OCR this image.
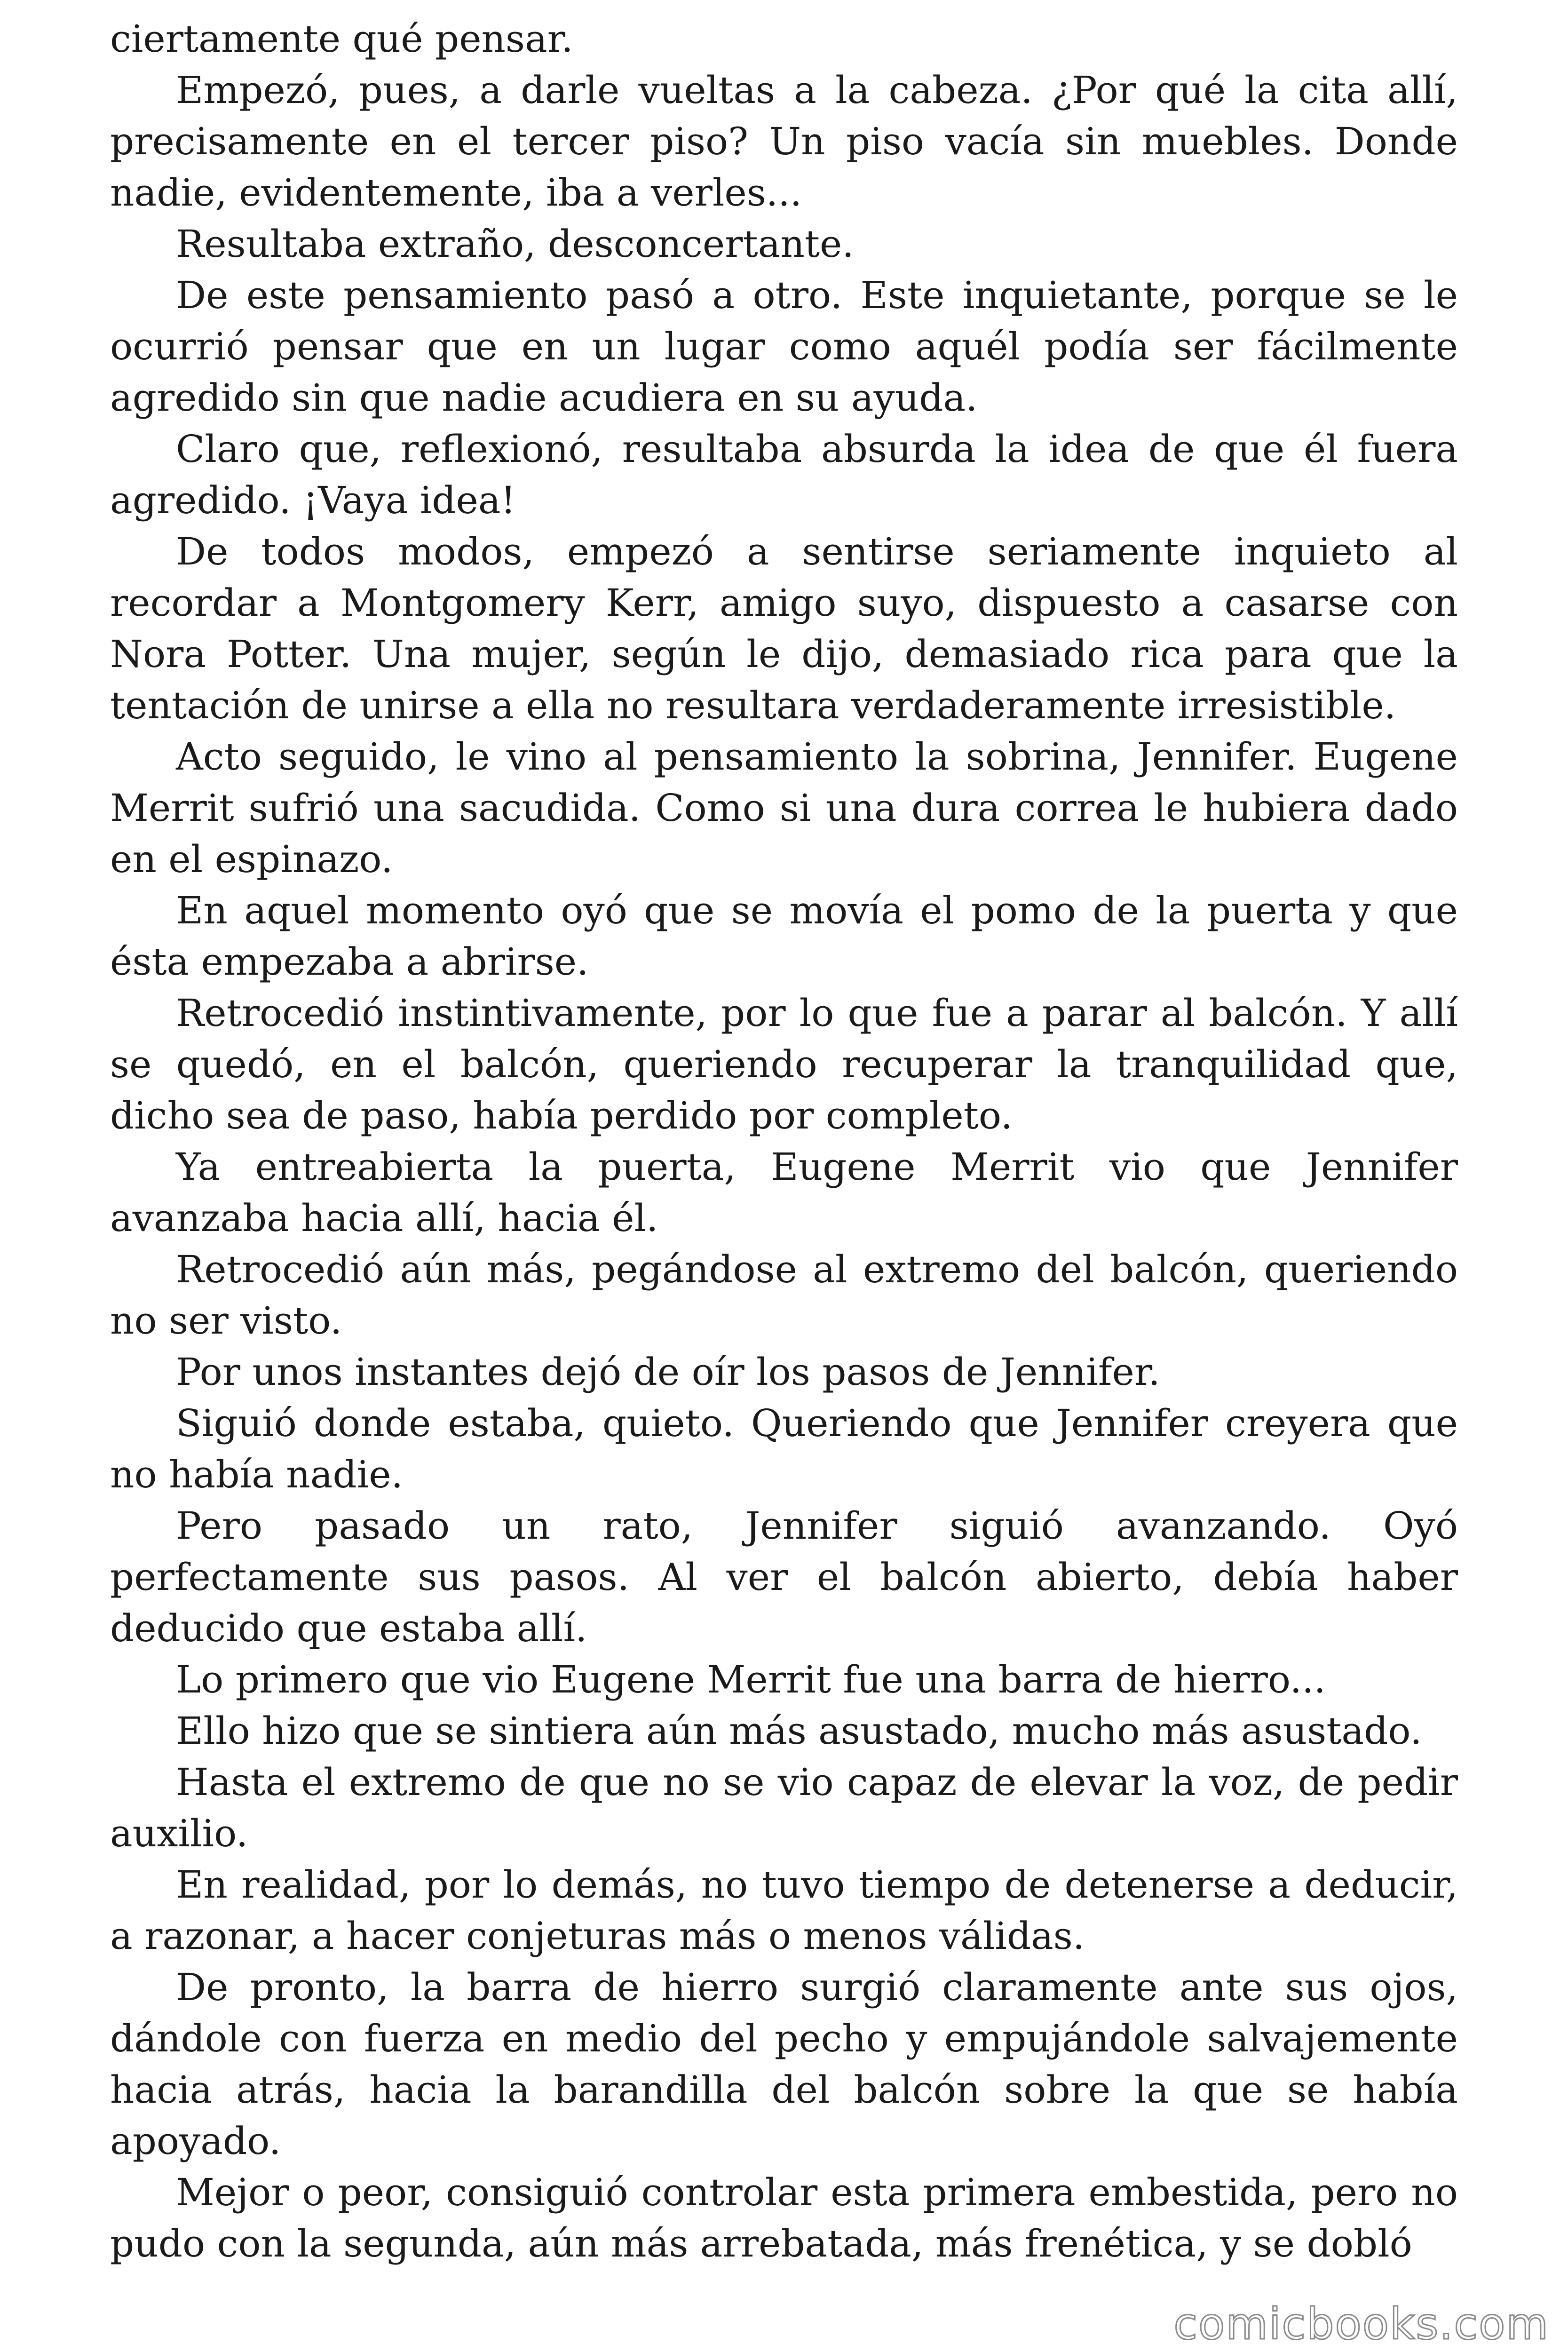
ciertamente qué pensar.

Empezó, pues, a darle vueltas a la cabeza. ¿Por qué la cita allí, precisamente en el tercer piso? Un piso vacía sin muebles. Donde nadie, evidentemente, iba a verles...

Resultaba extraño, desconcertante.

De este pensamiento pasó a otro. Este inquietante, porque se le ocurrió pensar que en un lugar como aquél podía ser fácilmente agredido sin que nadie acudiera en su ayuda.

Claro que, reflexionó, resultaba absurda la idea de que él fuera agredido. ¡Vaya idea!

De todos modos, empezó a sentirse seriamente inquieto al recordar a Montgomery Kerr, amigo suyo, dispuesto a casarse con Nora Potter. Una mujer, según le dijo, demasiado rica para que la tentación de unirse a ella no resultara verdaderamente irresistible.

Acto seguido, le vino al pensamiento la sobrina, Jennifer. Eugene Merrit sufrió una sacudida. Como si una dura correa le hubiera dado en el espinazo.

En aquel momento oyó que se movía el pomo de la puerta y que ésta empezaba a abrirse.

Retrocedió instintivamente, por lo que fue a parar al balcón. Y allí se quedó, en el balcón, queriendo recuperar la tranquilidad que, dicho sea de paso, había perdido por completo.

Ya entreabierta la puerta, Eugene Merrit vio que Jennifer avanzaba hacia allí, hacia él.

Retrocedió aún más, pegándose al extremo del balcón, queriendo no ser visto.

Por unos instantes dejó de oír los pasos de Jennifer.

Siguió donde estaba, quieto. Queriendo que Jennifer creyera que no había nadie.

Pero pasado un rato, Jennifer siguió avanzando. Oyó perfectamente sus pasos. Al ver el balcón abierto, debía haber deducido que estaba allí.

Lo primero que vio Eugene Merrit fue una barra de hierro...

Ello hizo que se sintiera aún más asustado, mucho más asustado.

Hasta el extremo de que no se vio capaz de elevar la voz, de pedir auxilio.

En realidad, por lo demás, no tuvo tiempo de detenerse a deducir, a razonar, a hacer conjeturas más o menos válidas.

De pronto, la barra de hierro surgió claramente ante sus ojos, dándole con fuerza en medio del pecho y empujándole salvajemente hacia atrás, hacia la barandilla del balcón sobre la que se había apoyado.

Mejor o peor, consiguió controlar esta primera embestida, pero no pudo con la segunda, aún más arrebatada, más frenética, y se dobló

comicbooks.com
